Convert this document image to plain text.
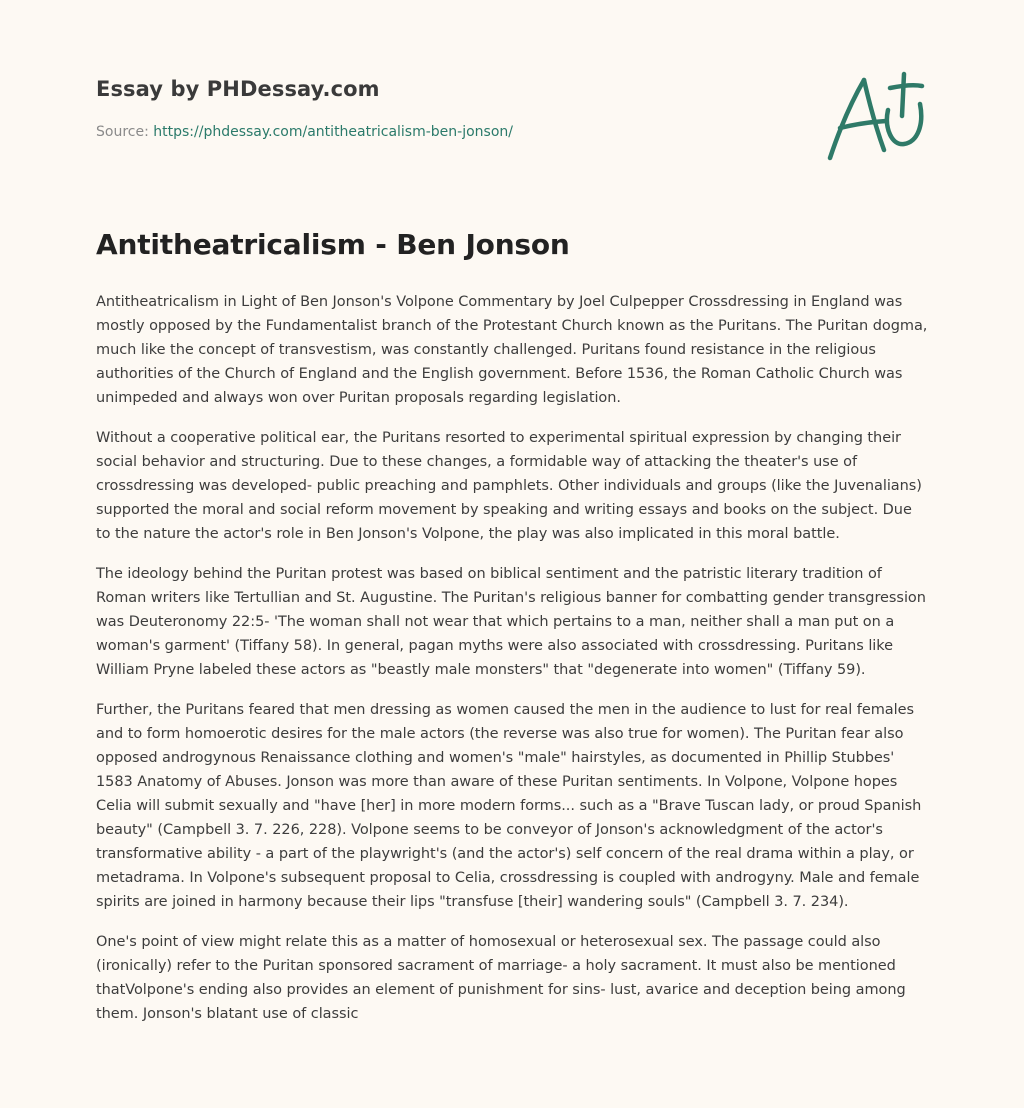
Essay by PHDessay.com
Source: https://phdessay.com/antitheatricalism-ben-jonson/
Antitheatricalism - Ben Jonson

Antitheatricalism in Light of Ben Jonson's Volpone Commentary by Joel Culpepper Crossdressing in England was mostly opposed by the Fundamentalist branch of the Protestant Church known as the Puritans. The Puritan dogma, much like the concept of transvestism, was constantly challenged. Puritans found resistance in the religious authorities of the Church of England and the English government. Before 1536, the Roman Catholic Church was unimpeded and always won over Puritan proposals regarding legislation.

Without a cooperative political ear, the Puritans resorted to experimental spiritual expression by changing their social behavior and structuring. Due to these changes, a formidable way of attacking the theater's use of crossdressing was developed- public preaching and pamphlets. Other individuals and groups (like the Juvenalians) supported the moral and social reform movement by speaking and writing essays and books on the subject. Due to the nature the actor's role in Ben Jonson's Volpone, the play was also implicated in this moral battle.

The ideology behind the Puritan protest was based on biblical sentiment and the patristic literary tradition of Roman writers like Tertullian and St. Augustine. The Puritan's religious banner for combatting gender transgression was Deuteronomy 22:5- 'The woman shall not wear that which pertains to a man, neither shall a man put on a woman's garment' (Tiffany 58). In general, pagan myths were also associated with crossdressing. Puritans like William Pryne labeled these actors as "beastly male monsters" that "degenerate into women" (Tiffany 59).

Further, the Puritans feared that men dressing as women caused the men in the audience to lust for real females and to form homoerotic desires for the male actors (the reverse was also true for women). The Puritan fear also opposed androgynous Renaissance clothing and women's "male" hairstyles, as documented in Phillip Stubbes' 1583 Anatomy of Abuses. Jonson was more than aware of these Puritan sentiments. In Volpone, Volpone hopes Celia will submit sexually and "have [her] in more modern forms... such as a "Brave Tuscan lady, or proud Spanish beauty" (Campbell 3. 7. 226, 228). Volpone seems to be conveyor of Jonson's acknowledgment of the actor's transformative ability - a part of the playwright's (and the actor's) self concern of the real drama within a play, or metadrama. In Volpone's subsequent proposal to Celia, crossdressing is coupled with androgyny. Male and female spirits are joined in harmony because their lips "transfuse [their] wandering souls" (Campbell 3. 7. 234).

One's point of view might relate this as a matter of homosexual or heterosexual sex. The passage could also (ironically) refer to the Puritan sponsored sacrament of marriage- a holy sacrament. It must also be mentioned thatVolpone's ending also provides an element of punishment for sins- lust, avarice and deception being among them. Jonson's blatant use of classic
